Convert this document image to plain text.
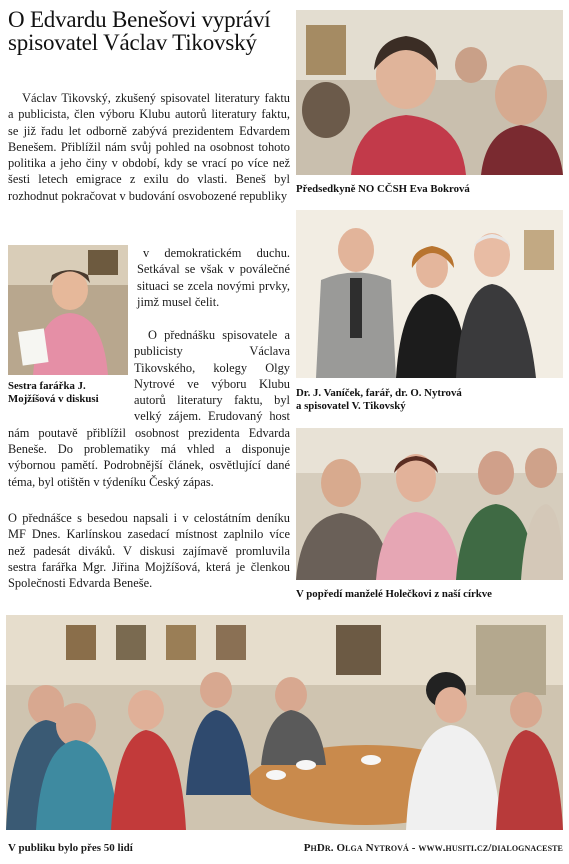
O Edvardu Benešovi vypráví spisovatel Václav Tikovský

Václav Tikovský, zkušený spisovatel literatury faktu a publicista, člen výboru Klubu autorů literatury faktu, se již řadu let odborně zabývá prezidentem Edvardem Benešem. Přiblížil nám svůj pohled na osobnost tohoto politika a jeho činy v období, kdy se vrací po více než šesti letech emigrace z exilu do vlasti. Beneš byl rozhodnut pokračovat v budování osvobozené republiky

Sestra farářka J. Mojžíšová v diskusi

v demokratickém duchu. Setkával se však v poválečné situaci se zcela novými prvky, jimž musel čelit.

O přednášku spisovatele a publicisty Václava Tikovského, kolegy Olgy Nytrové ve výboru Klubu autorů literatury faktu, byl velký zájem. Erudovaný host nám poutavě přiblížil osobnost prezidenta Edvarda Beneše. Do problematiky má vhled a disponuje výbornou pamětí. Podrobnější článek, osvětlující dané téma, byl otištěn v týdeníku Český zápas.

O přednášce s besedou napsali i v celostátním deníku MF Dnes. Karlínskou zasedací místnost zaplnilo více než padesát diváků. V diskusi zajímavě promluvila sestra farářka Mgr. Jiřina Mojžíšová, která je členkou Společnosti Edvarda Beneše.

Předsedkyně NO CČSH Eva Bokrová
Dr. J. Vaníček, farář, dr. O. Nytrová
a spisovatel V. Tikovský
V popředí manželé Holečkovi z naší církve
V publiku bylo přes 50 lidí	PhDr. Olga Nytrová - www.husiti.cz/dialognaceste
